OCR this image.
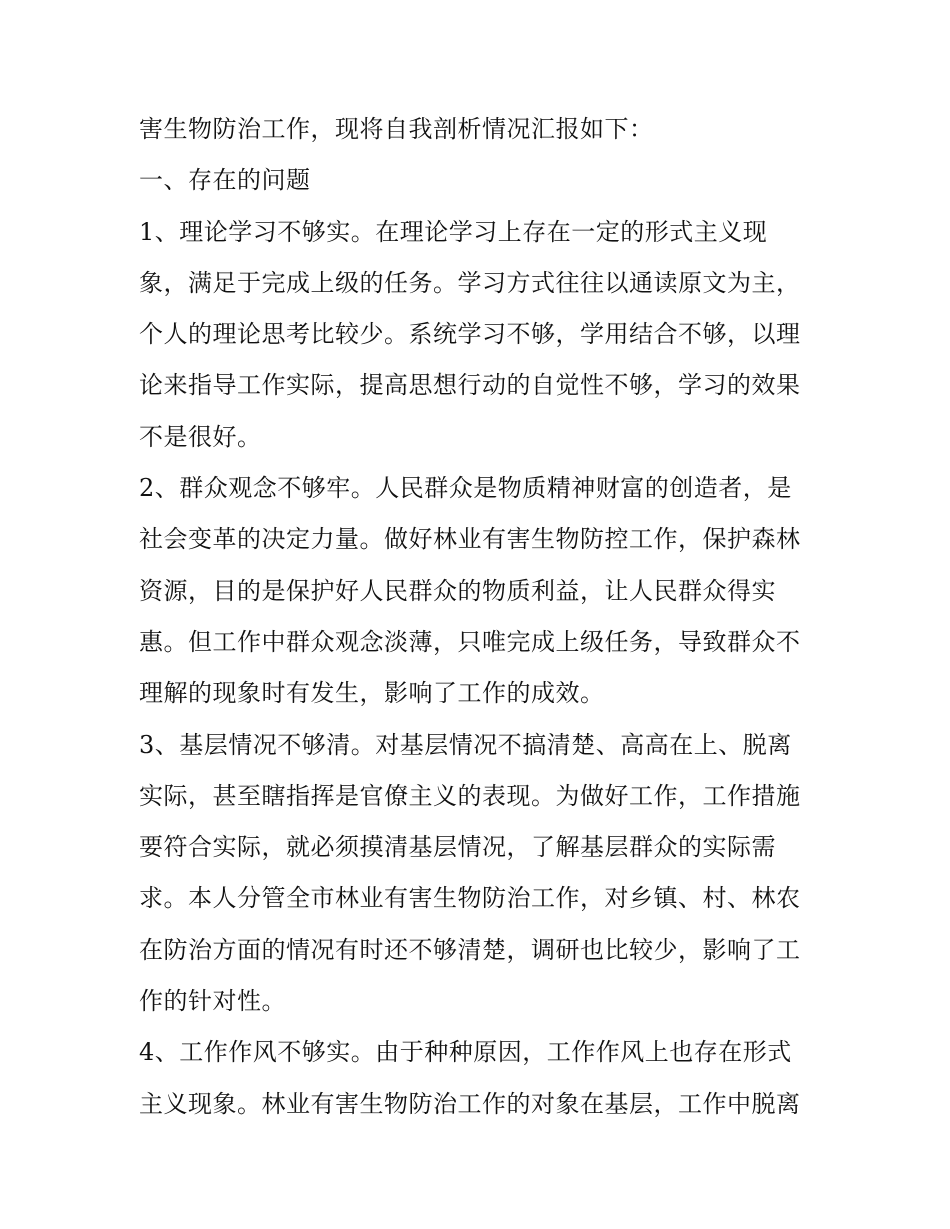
害生物防治工作，现将自我剖析情况汇报如下：
一、存在的问题
1、理论学习不够实。在理论学习上存在一定的形式主义现
象，满足于完成上级的任务。学习方式往往以通读原文为主，
个人的理论思考比较少。系统学习不够，学用结合不够，以理
论来指导工作实际，提高思想行动的自觉性不够，学习的效果
不是很好。
2、群众观念不够牢。人民群众是物质精神财富的创造者，是
社会变革的决定力量。做好林业有害生物防控工作，保护森林
资源，目的是保护好人民群众的物质利益，让人民群众得实
惠。但工作中群众观念淡薄，只唯完成上级任务，导致群众不
理解的现象时有发生，影响了工作的成效。
3、基层情况不够清。对基层情况不搞清楚、高高在上、脱离
实际，甚至瞎指挥是官僚主义的表现。为做好工作，工作措施
要符合实际，就必须摸清基层情况，了解基层群众的实际需
求。本人分管全市林业有害生物防治工作，对乡镇、村、林农
在防治方面的情况有时还不够清楚，调研也比较少，影响了工
作的针对性。
4、工作作风不够实。由于种种原因，工作作风上也存在形式
主义现象。林业有害生物防治工作的对象在基层，工作中脱离
